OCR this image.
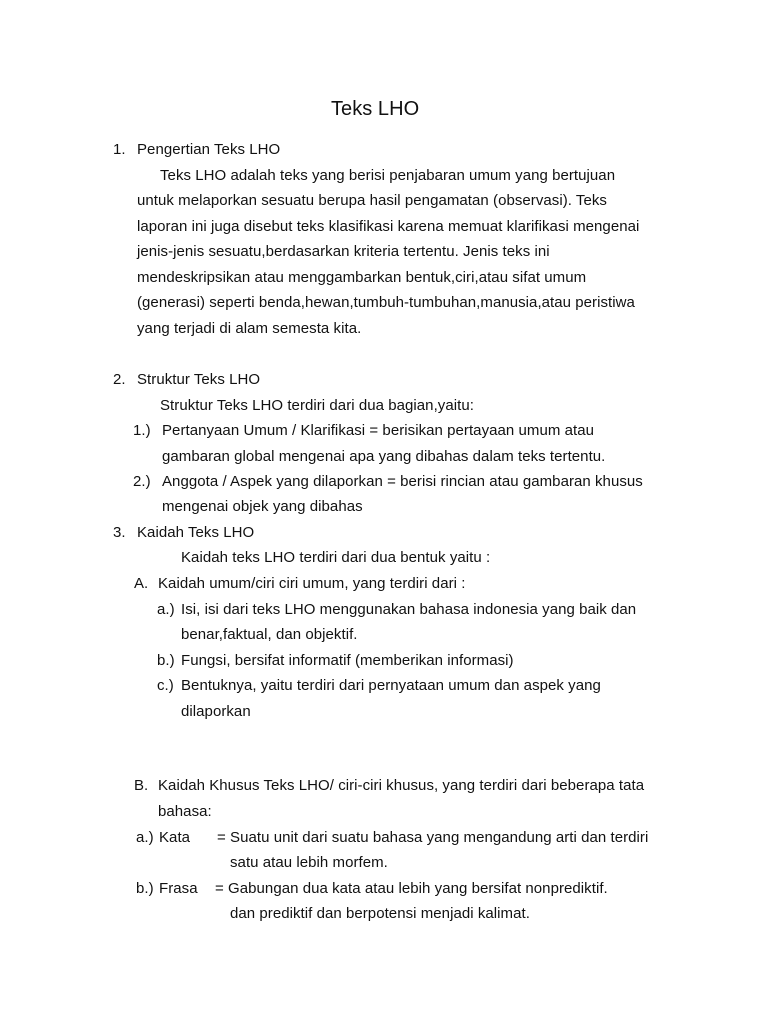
Teks LHO
1. Pengertian Teks LHO
Teks LHO adalah teks yang berisi penjabaran umum yang bertujuan
untuk melaporkan sesuatu berupa hasil pengamatan (observasi). Teks
laporan ini juga disebut teks klasifikasi karena memuat klarifikasi mengenai
jenis-jenis sesuatu,berdasarkan kriteria tertentu. Jenis teks ini
mendeskripsikan atau menggambarkan bentuk,ciri,atau sifat umum
(generasi) seperti benda,hewan,tumbuh-tumbuhan,manusia,atau peristiwa
yang terjadi di alam semesta kita.
2. Struktur Teks LHO
Struktur Teks LHO terdiri dari dua bagian,yaitu:
1.) Pertanyaan Umum / Klarifikasi = berisikan pertayaan umum atau
gambaran global mengenai apa yang dibahas dalam teks tertentu.
2.) Anggota / Aspek yang dilaporkan = berisi rincian atau gambaran khusus
mengenai objek yang dibahas
3. Kaidah Teks LHO
Kaidah teks LHO terdiri dari dua bentuk yaitu :
A. Kaidah umum/ciri ciri umum, yang terdiri dari :
a.) Isi, isi dari teks LHO menggunakan bahasa indonesia yang baik dan
benar,faktual, dan objektif.
b.) Fungsi, bersifat informatif (memberikan informasi)
c.) Bentuknya, yaitu terdiri dari pernyataan umum dan aspek yang
dilaporkan
B. Kaidah Khusus Teks LHO/ ciri-ciri khusus, yang terdiri dari beberapa tata
bahasa:
a.) Kata = Suatu unit dari suatu bahasa yang mengandung arti dan terdiri
satu atau lebih morfem.
b.) Frasa = Gabungan dua kata atau lebih yang bersifat nonprediktif.
dan prediktif dan berpotensi menjadi kalimat.
